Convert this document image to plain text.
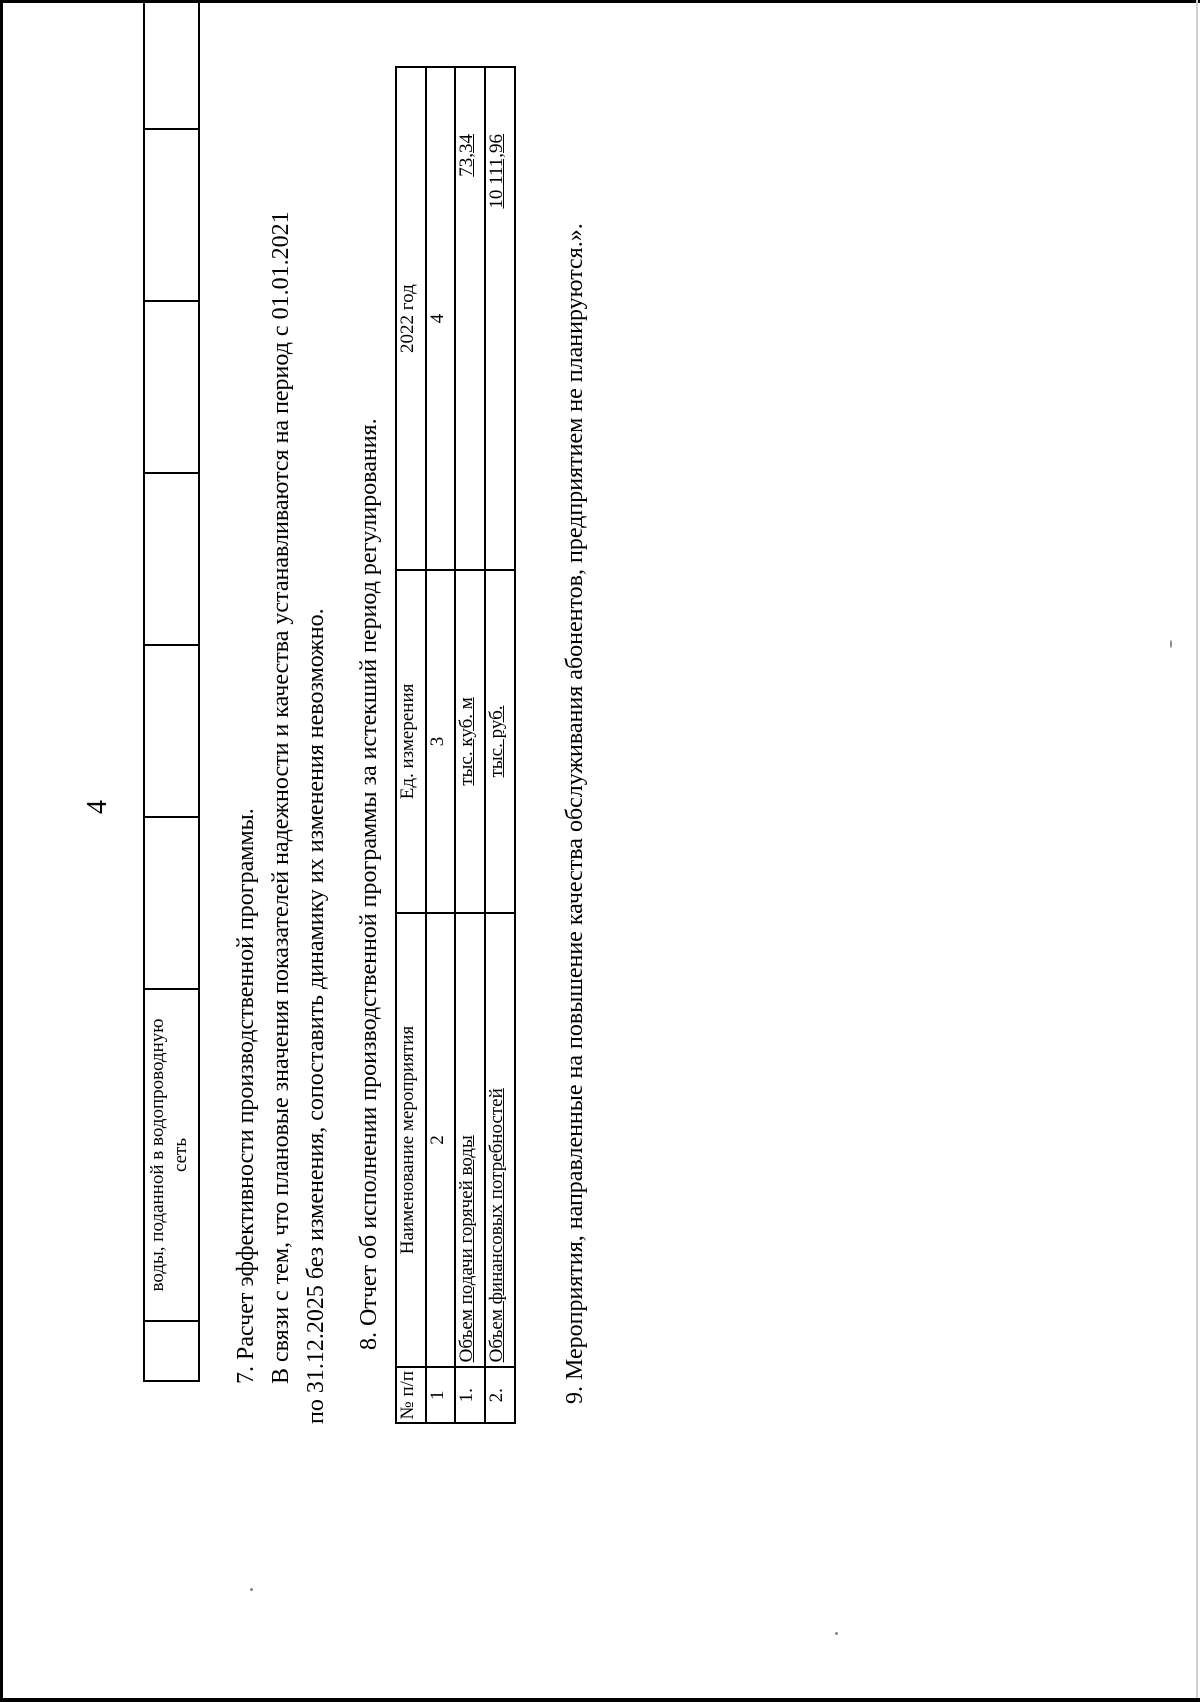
4
	воды, поданной в водопроводную сеть							7. Расчет эффективности производственной программы. В связи с тем, что плановые значения показателей надежности и качества устанавливаются на период с 01.01.2021 по 31.12.2025 без изменения, сопоставить динамику их изменения невозможно. 8. Отчет об исполнении производственной программы за истекший период регулирования.
№ п/п	Наименование мероприятия	Ед. измерения	2022 год
1	2	3	4
1.	Объем подачи горячей воды	тыс. куб. м	73,34
2.	Объем финансовых потребностей	тыс. руб.	10 111,96
9. Мероприятия, направленные на повышение качества обслуживания абонентов, предприятием не планируются.».
